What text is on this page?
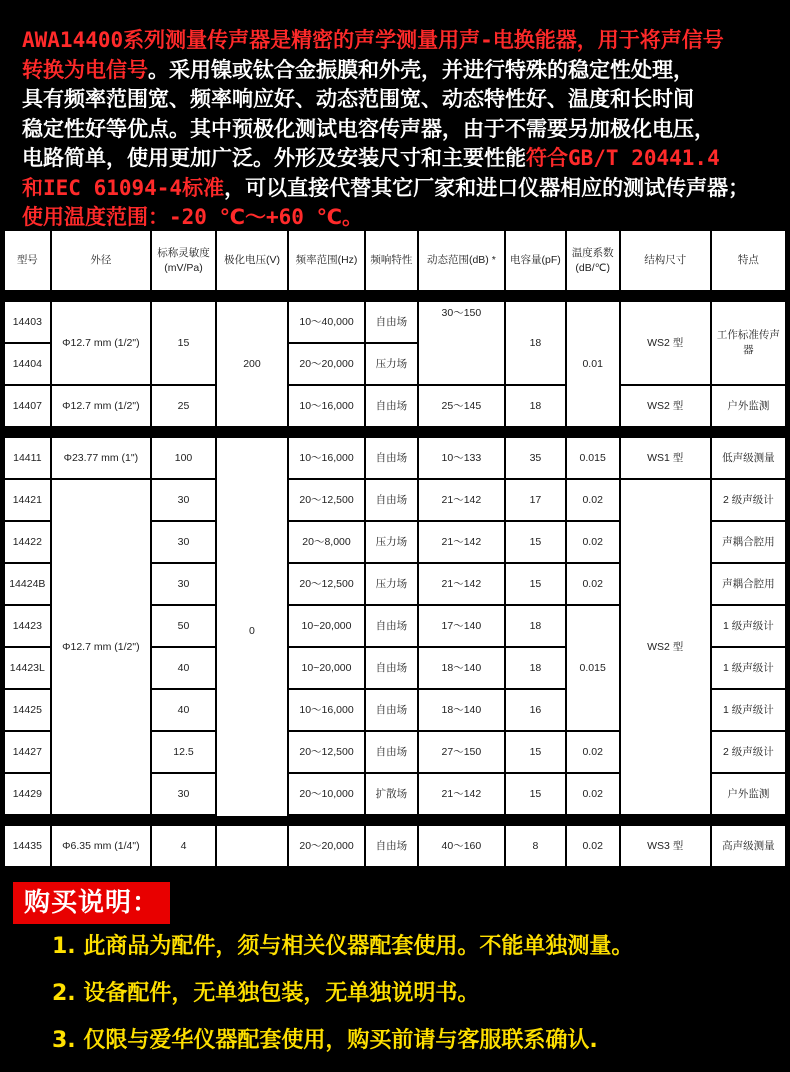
AWA14400系列测量传声器是精密的声学测量用声-电换能器，用于将声信号
转换为电信号。采用镍或钛合金振膜和外壳，并进行特殊的稳定性处理，
具有频率范围宽、频率响应好、动态范围宽、动态特性好、温度和长时间
稳定性好等优点。其中预极化测试电容传声器，由于不需要另加极化电压，
电路简单，使用更加广泛。外形及安装尺寸和主要性能符合GB/T 20441.4
和IEC 61094-4标准，可以直接代替其它厂家和进口仪器相应的测试传声器；
使用温度范围：-20 ℃～+60 ℃。
型号	外径	标称灵敏度(mV/Pa)	极化电压(V)	频率范围(Hz)	频响特性	动态范围(dB) *	电容量(pF)	温度系数(dB/℃)	结构尺寸	特点

14403	Φ12.7 mm (1/2")	15	200	10～40,000	自由场	30～150	18	0.01	WS2 型	工作标准传声器
14404				20～20,000	压力场					
14407	Φ12.7 mm (1/2")	25		10～16,000	自由场	25～145	18		WS2 型	户外监测

14411	Φ23.77 mm (1")	100	0	10～16,000	自由场	10～133	35	0.015	WS1 型	低声级测量
14421	Φ12.7 mm (1/2")	30		20～12,500	自由场	21～142	17	0.02	WS2 型	2 级声级计
14422		30		20～8,000	压力场	21～142	15	0.02		声耦合腔用
14424B		30		20～12,500	压力场	21～142	15	0.02		声耦合腔用
14423		50		10~20,000	自由场	17～140	18	0.015		1 级声级计
14423L		40		10~20,000	自由场	18～140	18			1 级声级计
14425		40		10～16,000	自由场	18～140	16			1 级声级计
14427		12.5		20～12,500	自由场	27～150	15	0.02		2 级声级计
14429		30		20～10,000	扩散场	21～142	15	0.02		户外监测

14435	Φ6.35 mm (1/4")	4		20～20,000	自由场	40～160	8	0.02	WS3 型	高声级测量
购买说明：
1. 此商品为配件，须与相关仪器配套使用。不能单独测量。
2. 设备配件，无单独包装，无单独说明书。
3. 仅限与爱华仪器配套使用，购买前请与客服联系确认.
